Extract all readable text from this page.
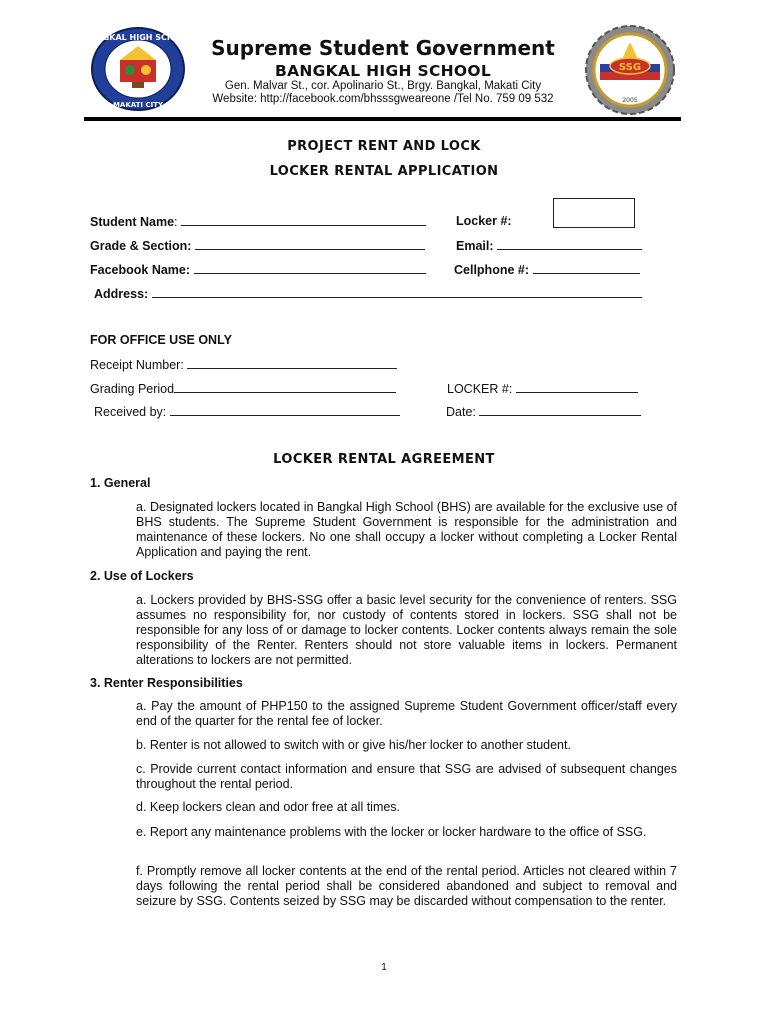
BANGKAL HIGH SCHOOL
MAKATI CITY
Supreme Student Government
BANGKAL HIGH SCHOOL
Gen. Malvar St., cor. Apolinario St., Brgy. Bangkal, Makati City
Website: http://facebook.com/bhsssgweareone /Tel No. 759 09 532
SSG
2005
PROJECT RENT AND LOCK
LOCKER RENTAL APPLICATION
Student Name:	Locker #:
Grade & Section:	Email:
Facebook Name:	Cellphone #:
Address:
FOR OFFICE USE ONLY
Receipt Number:
Grading Period	LOCKER #:
Received by:	Date:
LOCKER RENTAL AGREEMENT
1. General
a. Designated lockers located in Bangkal High School (BHS) are available for the exclusive use of BHS students. The Supreme Student Government is responsible for the administration and maintenance of these lockers. No one shall occupy a locker without completing a Locker Rental Application and paying the rent.
2. Use of Lockers
a. Lockers provided by BHS-SSG offer a basic level security for the convenience of renters. SSG assumes no responsibility for, nor custody of contents stored in lockers. SSG shall not be responsible for any loss of or damage to locker contents. Locker contents always remain the sole responsibility of the Renter. Renters should not store valuable items in lockers. Permanent alterations to lockers are not permitted.
3. Renter Responsibilities
a. Pay the amount of PHP150 to the assigned Supreme Student Government officer/staff every end of the quarter for the rental fee of locker.
b. Renter is not allowed to switch with or give his/her locker to another student.
c. Provide current contact information and ensure that SSG are advised of subsequent changes throughout the rental period.
d. Keep lockers clean and odor free at all times.
e. Report any maintenance problems with the locker or locker hardware to the office of SSG.
f. Promptly remove all locker contents at the end of the rental period. Articles not cleared within 7 days following the rental period shall be considered abandoned and subject to removal and seizure by SSG. Contents seized by SSG may be discarded without compensation to the renter.
1
